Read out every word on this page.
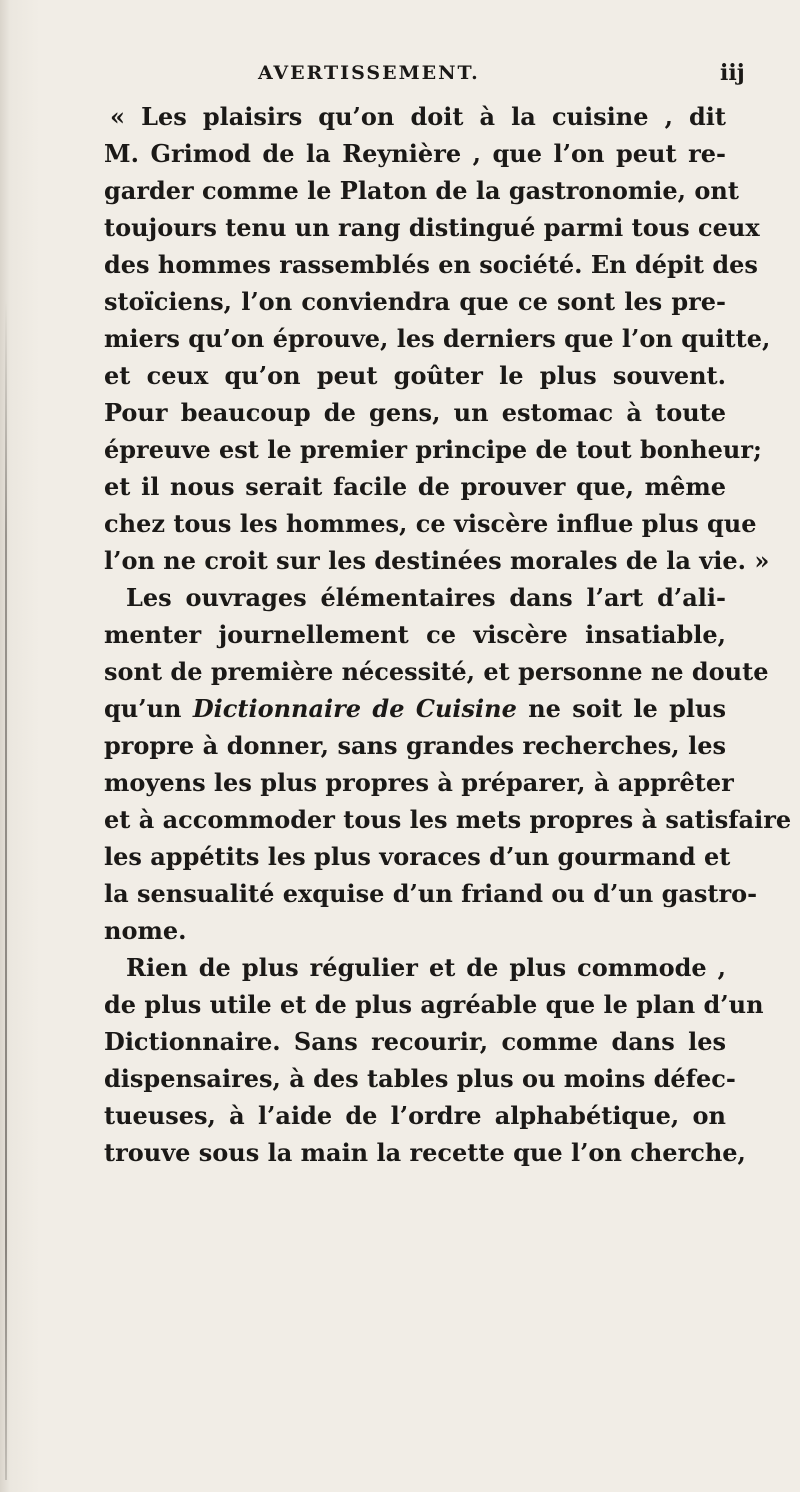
AVERTISSEMENT.	iij
« Les plaisirs qu’on doit à la cuisine , dit
M. Grimod de la Reynière , que l’on peut re-
garder comme le Platon de la gastronomie, ont
toujours tenu un rang distingué parmi tous ceux
des hommes rassemblés en société. En dépit des
stoïciens, l’on conviendra que ce sont les pre-
miers qu’on éprouve, les derniers que l’on quitte,
et ceux qu’on peut goûter le plus souvent.
Pour beaucoup de gens, un estomac à toute
épreuve est le premier principe de tout bonheur;
et il nous serait facile de prouver que, même
chez tous les hommes, ce viscère influe plus que
l’on ne croit sur les destinées morales de la vie. »
Les ouvrages élémentaires dans l’art d’ali-
menter journellement ce viscère insatiable,
sont de première nécessité, et personne ne doute
qu’un Dictionnaire de Cuisine ne soit le plus
propre à donner, sans grandes recherches, les
moyens les plus propres à préparer, à apprêter
et à accommoder tous les mets propres à satisfaire
les appétits les plus voraces d’un gourmand et
la sensualité exquise d’un friand ou d’un gastro-
nome.
Rien de plus régulier et de plus commode ,
de plus utile et de plus agréable que le plan d’un
Dictionnaire. Sans recourir, comme dans les
dispensaires, à des tables plus ou moins défec-
tueuses, à l’aide de l’ordre alphabétique, on
trouve sous la main la recette que l’on cherche,
